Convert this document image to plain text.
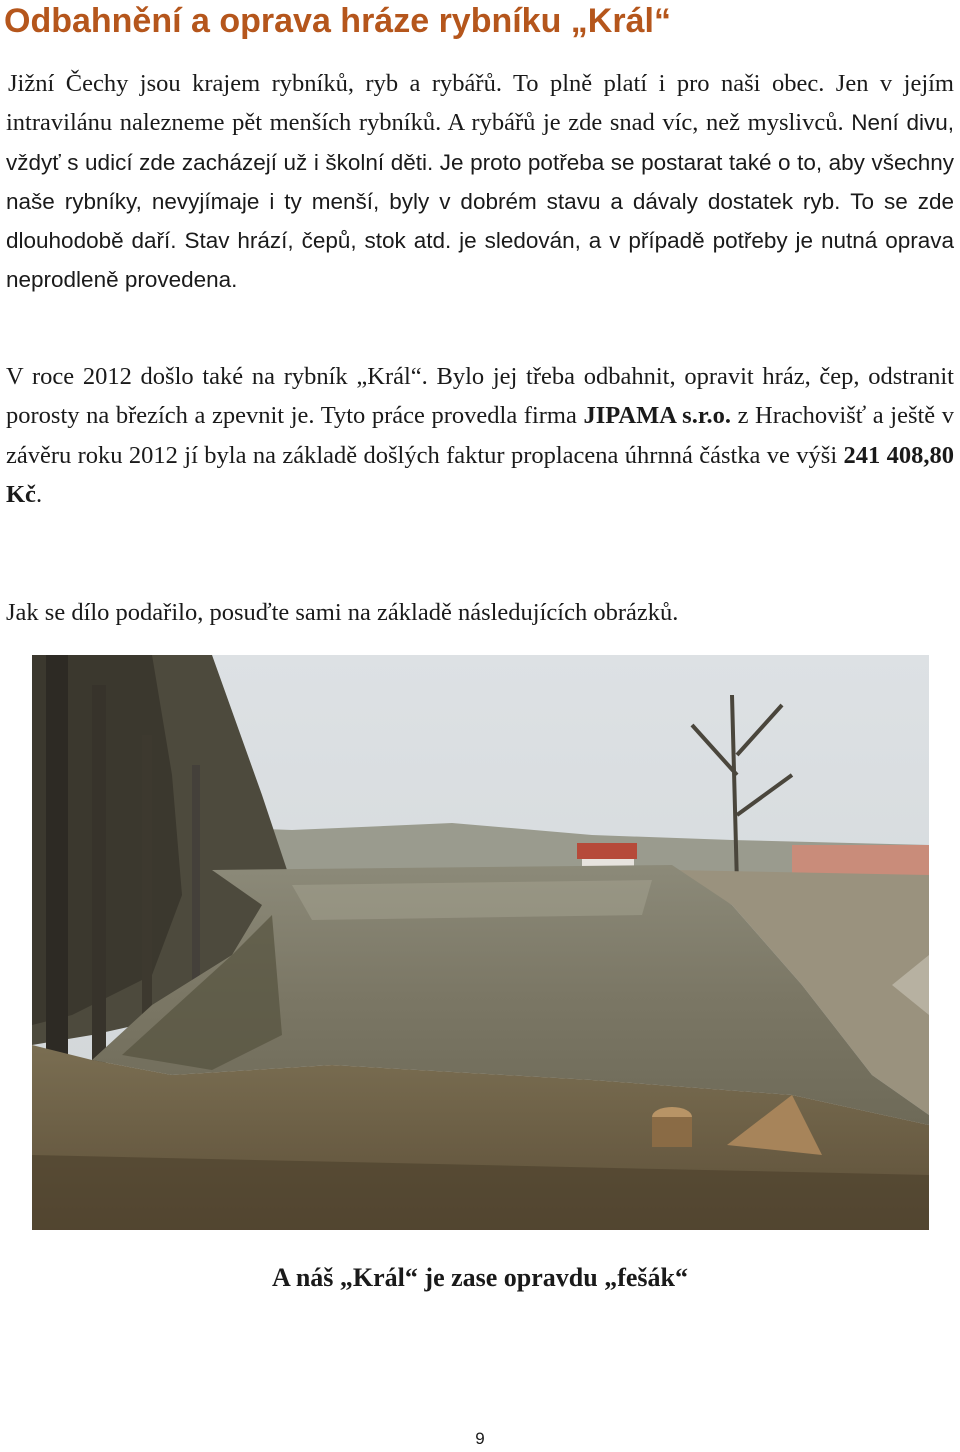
Odbahnění a oprava hráze rybníku „Král“

Jižní Čechy jsou krajem rybníků, ryb a rybářů. To plně platí i pro naši obec. Jen v jejím intravilánu nalezneme pět menších rybníků. A rybářů je zde snad víc, než myslivců. Není divu, vždyť s udicí zde zacházejí už i školní děti. Je proto potřeba se postarat také o to, aby všechny naše rybníky, nevyjímaje i ty menší, byly v dobrém stavu a dávaly dostatek ryb. To se zde dlouhodobě daří. Stav hrází, čepů, stok atd. je sledován, a v případě potřeby je nutná oprava neprodleně provedena.

V roce 2012 došlo také na rybník „Král“. Bylo jej třeba odbahnit, opravit hráz, čep, odstranit porosty na březích a zpevnit je. Tyto práce provedla firma JIPAMA s.r.o. z Hrachovišť a ještě v závěru roku 2012 jí byla na základě došlých faktur proplacena úhrnná částka ve výši 241 408,80 Kč.

Jak se dílo podařilo, posuďte sami na základě následujících obrázků.

A náš „Král“ je zase opravdu „fešák“

9
